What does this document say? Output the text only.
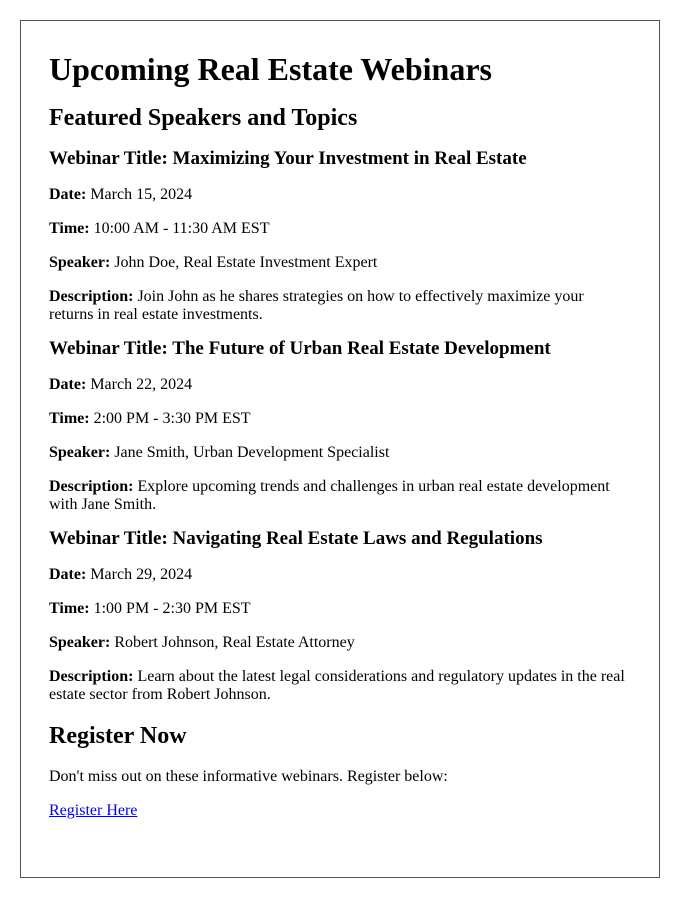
Upcoming Real Estate Webinars
Featured Speakers and Topics
Webinar Title: Maximizing Your Investment in Real Estate

Date: March 15, 2024

Time: 10:00 AM - 11:30 AM EST

Speaker: John Doe, Real Estate Investment Expert

Description: Join John as he shares strategies on how to effectively maximize your returns in real estate investments.

Webinar Title: The Future of Urban Real Estate Development

Date: March 22, 2024

Time: 2:00 PM - 3:30 PM EST

Speaker: Jane Smith, Urban Development Specialist

Description: Explore upcoming trends and challenges in urban real estate development with Jane Smith.

Webinar Title: Navigating Real Estate Laws and Regulations

Date: March 29, 2024

Time: 1:00 PM - 2:30 PM EST

Speaker: Robert Johnson, Real Estate Attorney

Description: Learn about the latest legal considerations and regulatory updates in the real estate sector from Robert Johnson.

Register Now

Don't miss out on these informative webinars. Register below:

Register Here
